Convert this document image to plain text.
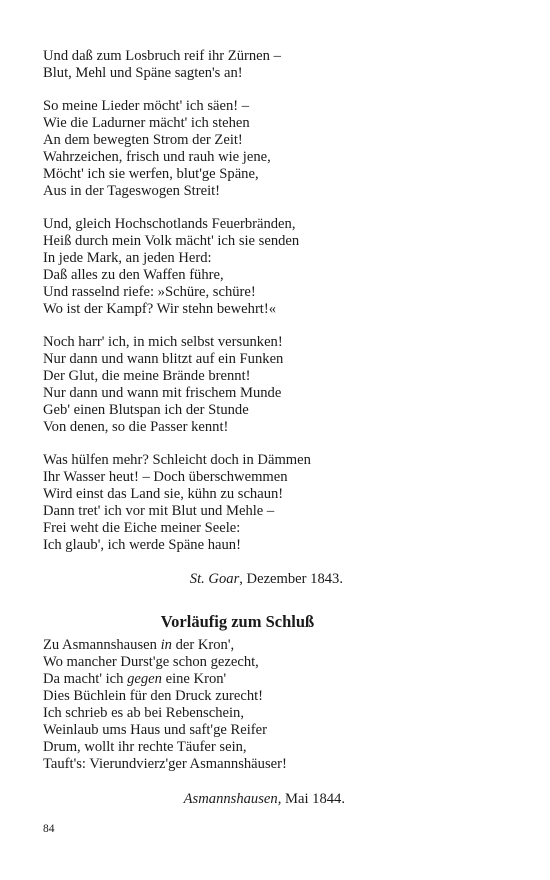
Und daß zum Losbruch reif ihr Zürnen –
Blut, Mehl und Späne sagten's an!
So meine Lieder möcht' ich säen! –
Wie die Ladurner mächt' ich stehen
An dem bewegten Strom der Zeit!
Wahrzeichen, frisch und rauh wie jene,
Möcht' ich sie werfen, blut'ge Späne,
Aus in der Tageswogen Streit!
Und, gleich Hochschotlands Feuerbränden,
Heiß durch mein Volk mächt' ich sie senden
In jede Mark, an jeden Herd:
Daß alles zu den Waffen führe,
Und rasselnd riefe: »Schüre, schüre!
Wo ist der Kampf? Wir stehn bewehrt!«
Noch harr' ich, in mich selbst versunken!
Nur dann und wann blitzt auf ein Funken
Der Glut, die meine Brände brennt!
Nur dann und wann mit frischem Munde
Geb' einen Blutspan ich der Stunde
Von denen, so die Passer kennt!
Was hülfen mehr? Schleicht doch in Dämmen
Ihr Wasser heut! – Doch überschwemmen
Wird einst das Land sie, kühn zu schaun!
Dann tret' ich vor mit Blut und Mehle –
Frei weht die Eiche meiner Seele:
Ich glaub', ich werde Späne haun!
St. Goar, Dezember 1843.
Vorläufig zum Schluß
Zu Asmannshausen in der Kron',
Wo mancher Durst'ge schon gezecht,
Da macht' ich gegen eine Kron'
Dies Büchlein für den Druck zurecht!
Ich schrieb es ab bei Rebenschein,
Weinlaub ums Haus und saft'ge Reifer
Drum, wollt ihr rechte Täufer sein,
Tauft's: Vierundvierz'ger Asmannshäuser!
Asmannshausen, Mai 1844.
84
